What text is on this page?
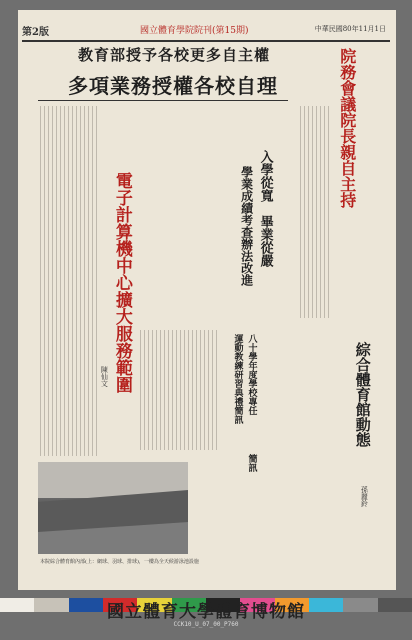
第2版	國立體育學院院刊(第15期)	中華民國80年11月1日
教育部授予各校更多自主權
多項業務授權各校自理	院務會議院長親自主持
入學從寬　畢業從嚴
學業成績考查辦法改進
電子計算機中心擴大服務範圍
陳仙文	八十學年度學校專任
運動教練研習典禮簡訊
簡訊
綜合體育館動態
孫麗鈴
本院綜合體育館內部(上：網球、羽球、排球)，一樓為全天候游泳池設施
國立體育大學體育博物館
CCK10_U_07_00_P760
